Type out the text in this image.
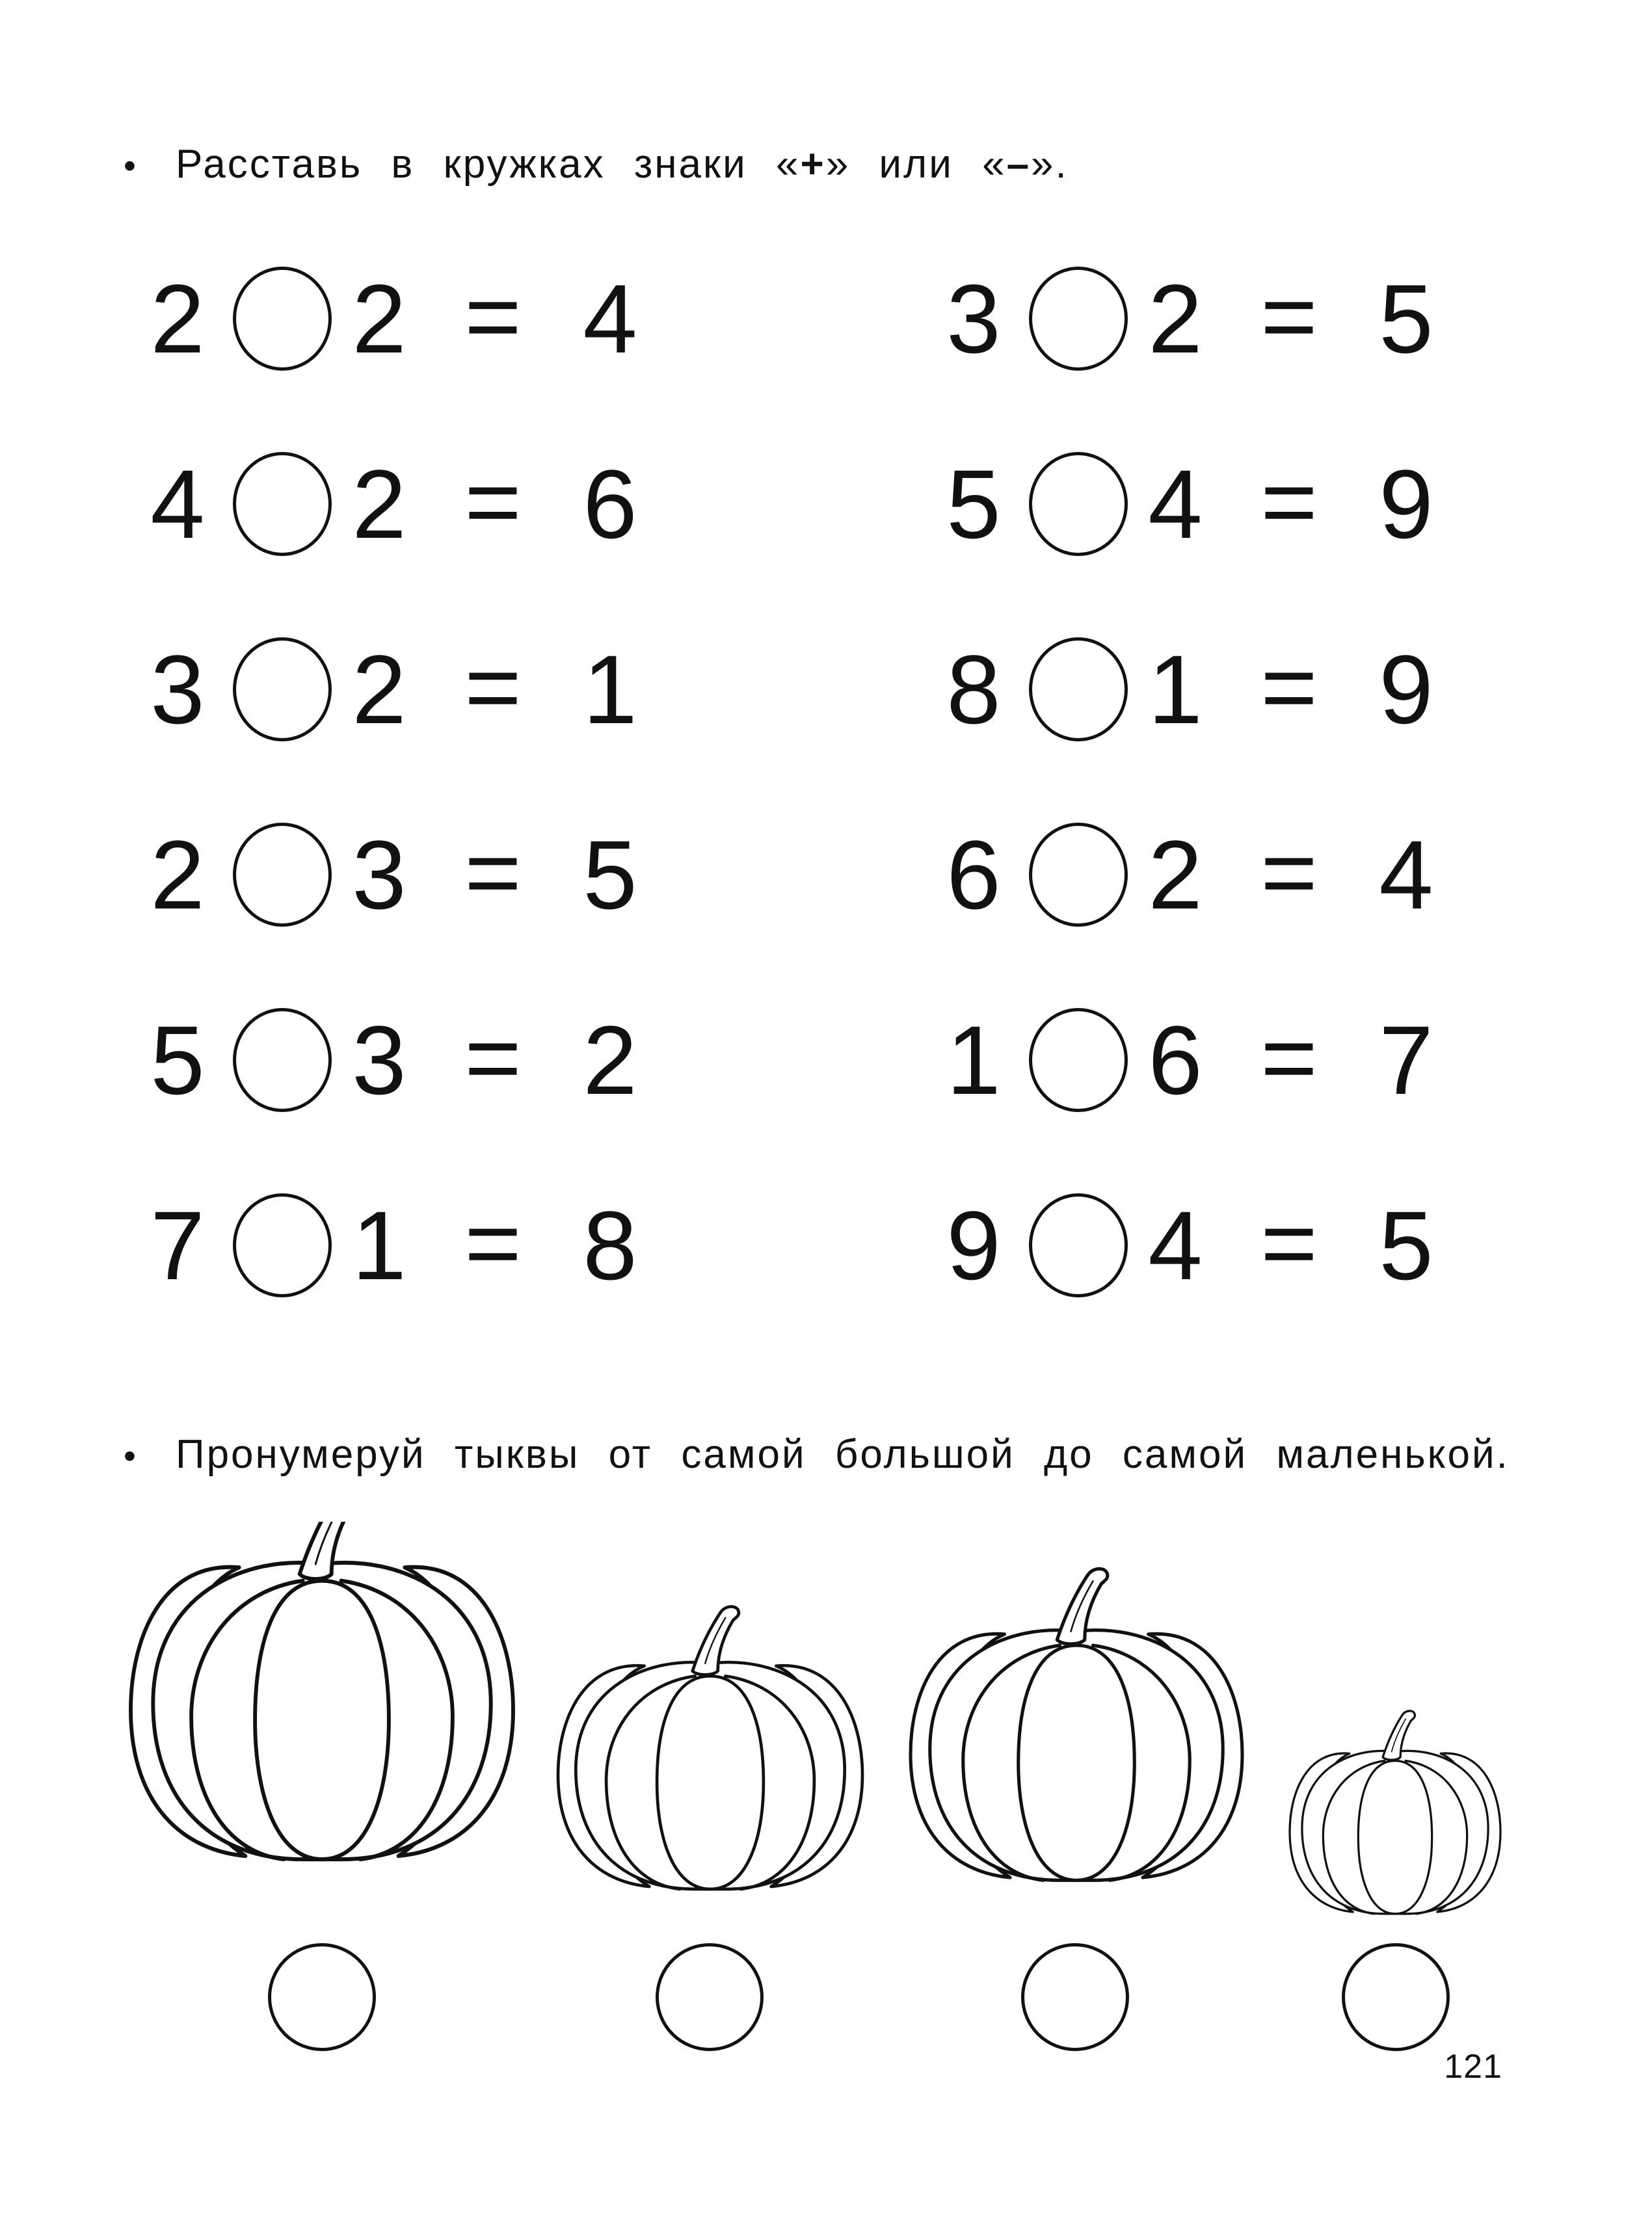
• Расставь в кружках знаки «+» или «–».
2 2 = 4
4 2 = 6
3 2 = 1
2 3 = 5
5 3 = 2
7 1 = 8
3 2 = 5
5 4 = 9
8 1 = 9
6 2 = 4
1 6 = 7
9 4 = 5
• Пронумеруй тыквы от самой большой до самой маленькой.
121
